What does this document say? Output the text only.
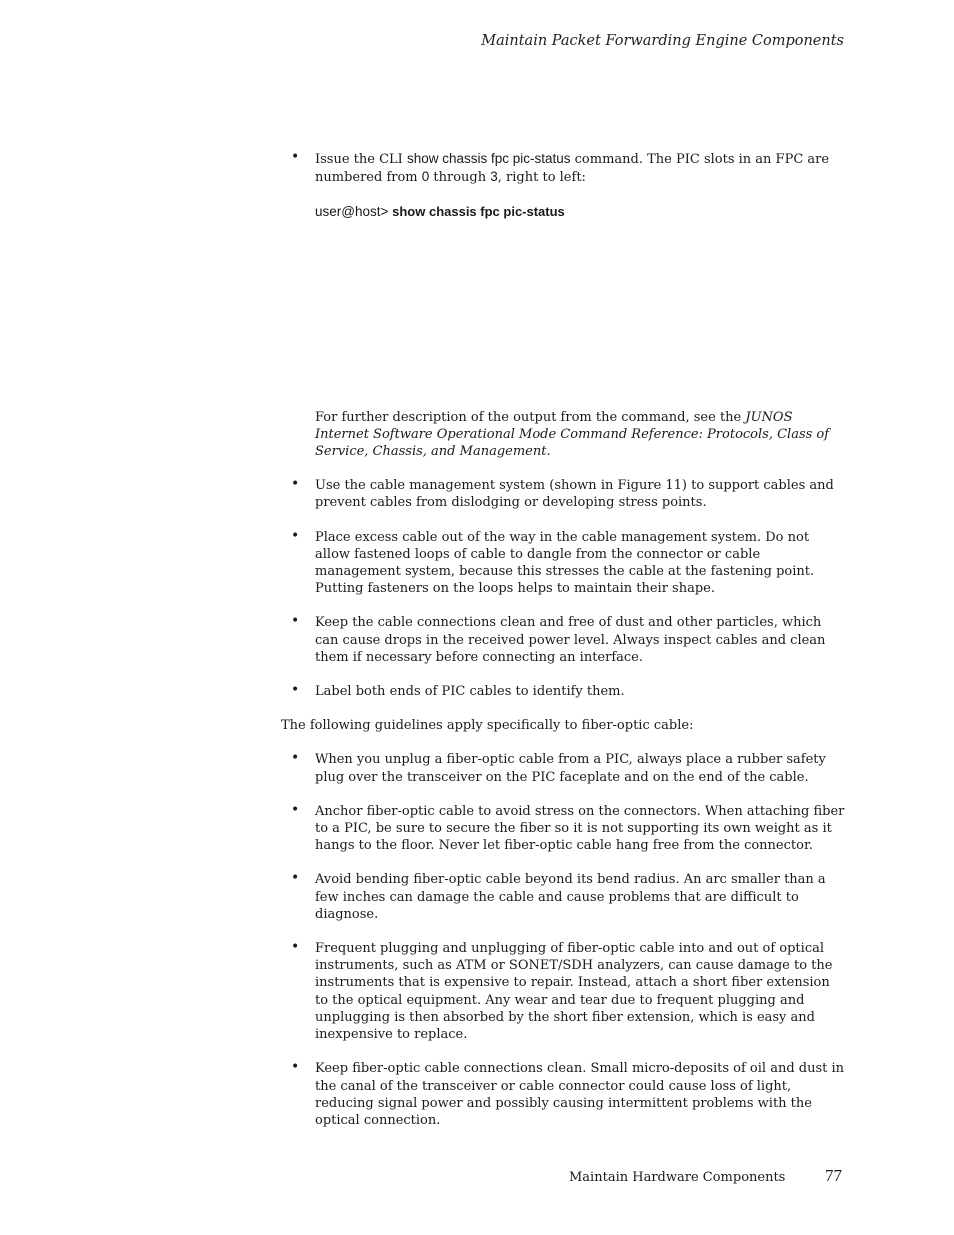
Maintain Packet Forwarding Engine Components
• Issue the CLI show chassis fpc pic-status command. The PIC slots in an FPC are numbered from 0 through 3, right to left:
user@host> show chassis fpc pic-status
For further description of the output from the command, see the JUNOS Internet Software Operational Mode Command Reference: Protocols, Class of Service, Chassis, and Management.
• Use the cable management system (shown in Figure 11) to support cables and prevent cables from dislodging or developing stress points.
• Place excess cable out of the way in the cable management system. Do not allow fastened loops of cable to dangle from the connector or cable management system, because this stresses the cable at the fastening point. Putting fasteners on the loops helps to maintain their shape.
• Keep the cable connections clean and free of dust and other particles, which can cause drops in the received power level. Always inspect cables and clean them if necessary before connecting an interface.
• Label both ends of PIC cables to identify them.
The following guidelines apply specifically to fiber-optic cable:
• When you unplug a fiber-optic cable from a PIC, always place a rubber safety plug over the transceiver on the PIC faceplate and on the end of the cable.
• Anchor fiber-optic cable to avoid stress on the connectors. When attaching fiber to a PIC, be sure to secure the fiber so it is not supporting its own weight as it hangs to the floor. Never let fiber-optic cable hang free from the connector.
• Avoid bending fiber-optic cable beyond its bend radius. An arc smaller than a few inches can damage the cable and cause problems that are difficult to diagnose.
• Frequent plugging and unplugging of fiber-optic cable into and out of optical instruments, such as ATM or SONET/SDH analyzers, can cause damage to the instruments that is expensive to repair. Instead, attach a short fiber extension to the optical equipment. Any wear and tear due to frequent plugging and unplugging is then absorbed by the short fiber extension, which is easy and inexpensive to replace.
• Keep fiber-optic cable connections clean. Small micro-deposits of oil and dust in the canal of the transceiver or cable connector could cause loss of light, reducing signal power and possibly causing intermittent problems with the optical connection.
Maintain Hardware Components 77
